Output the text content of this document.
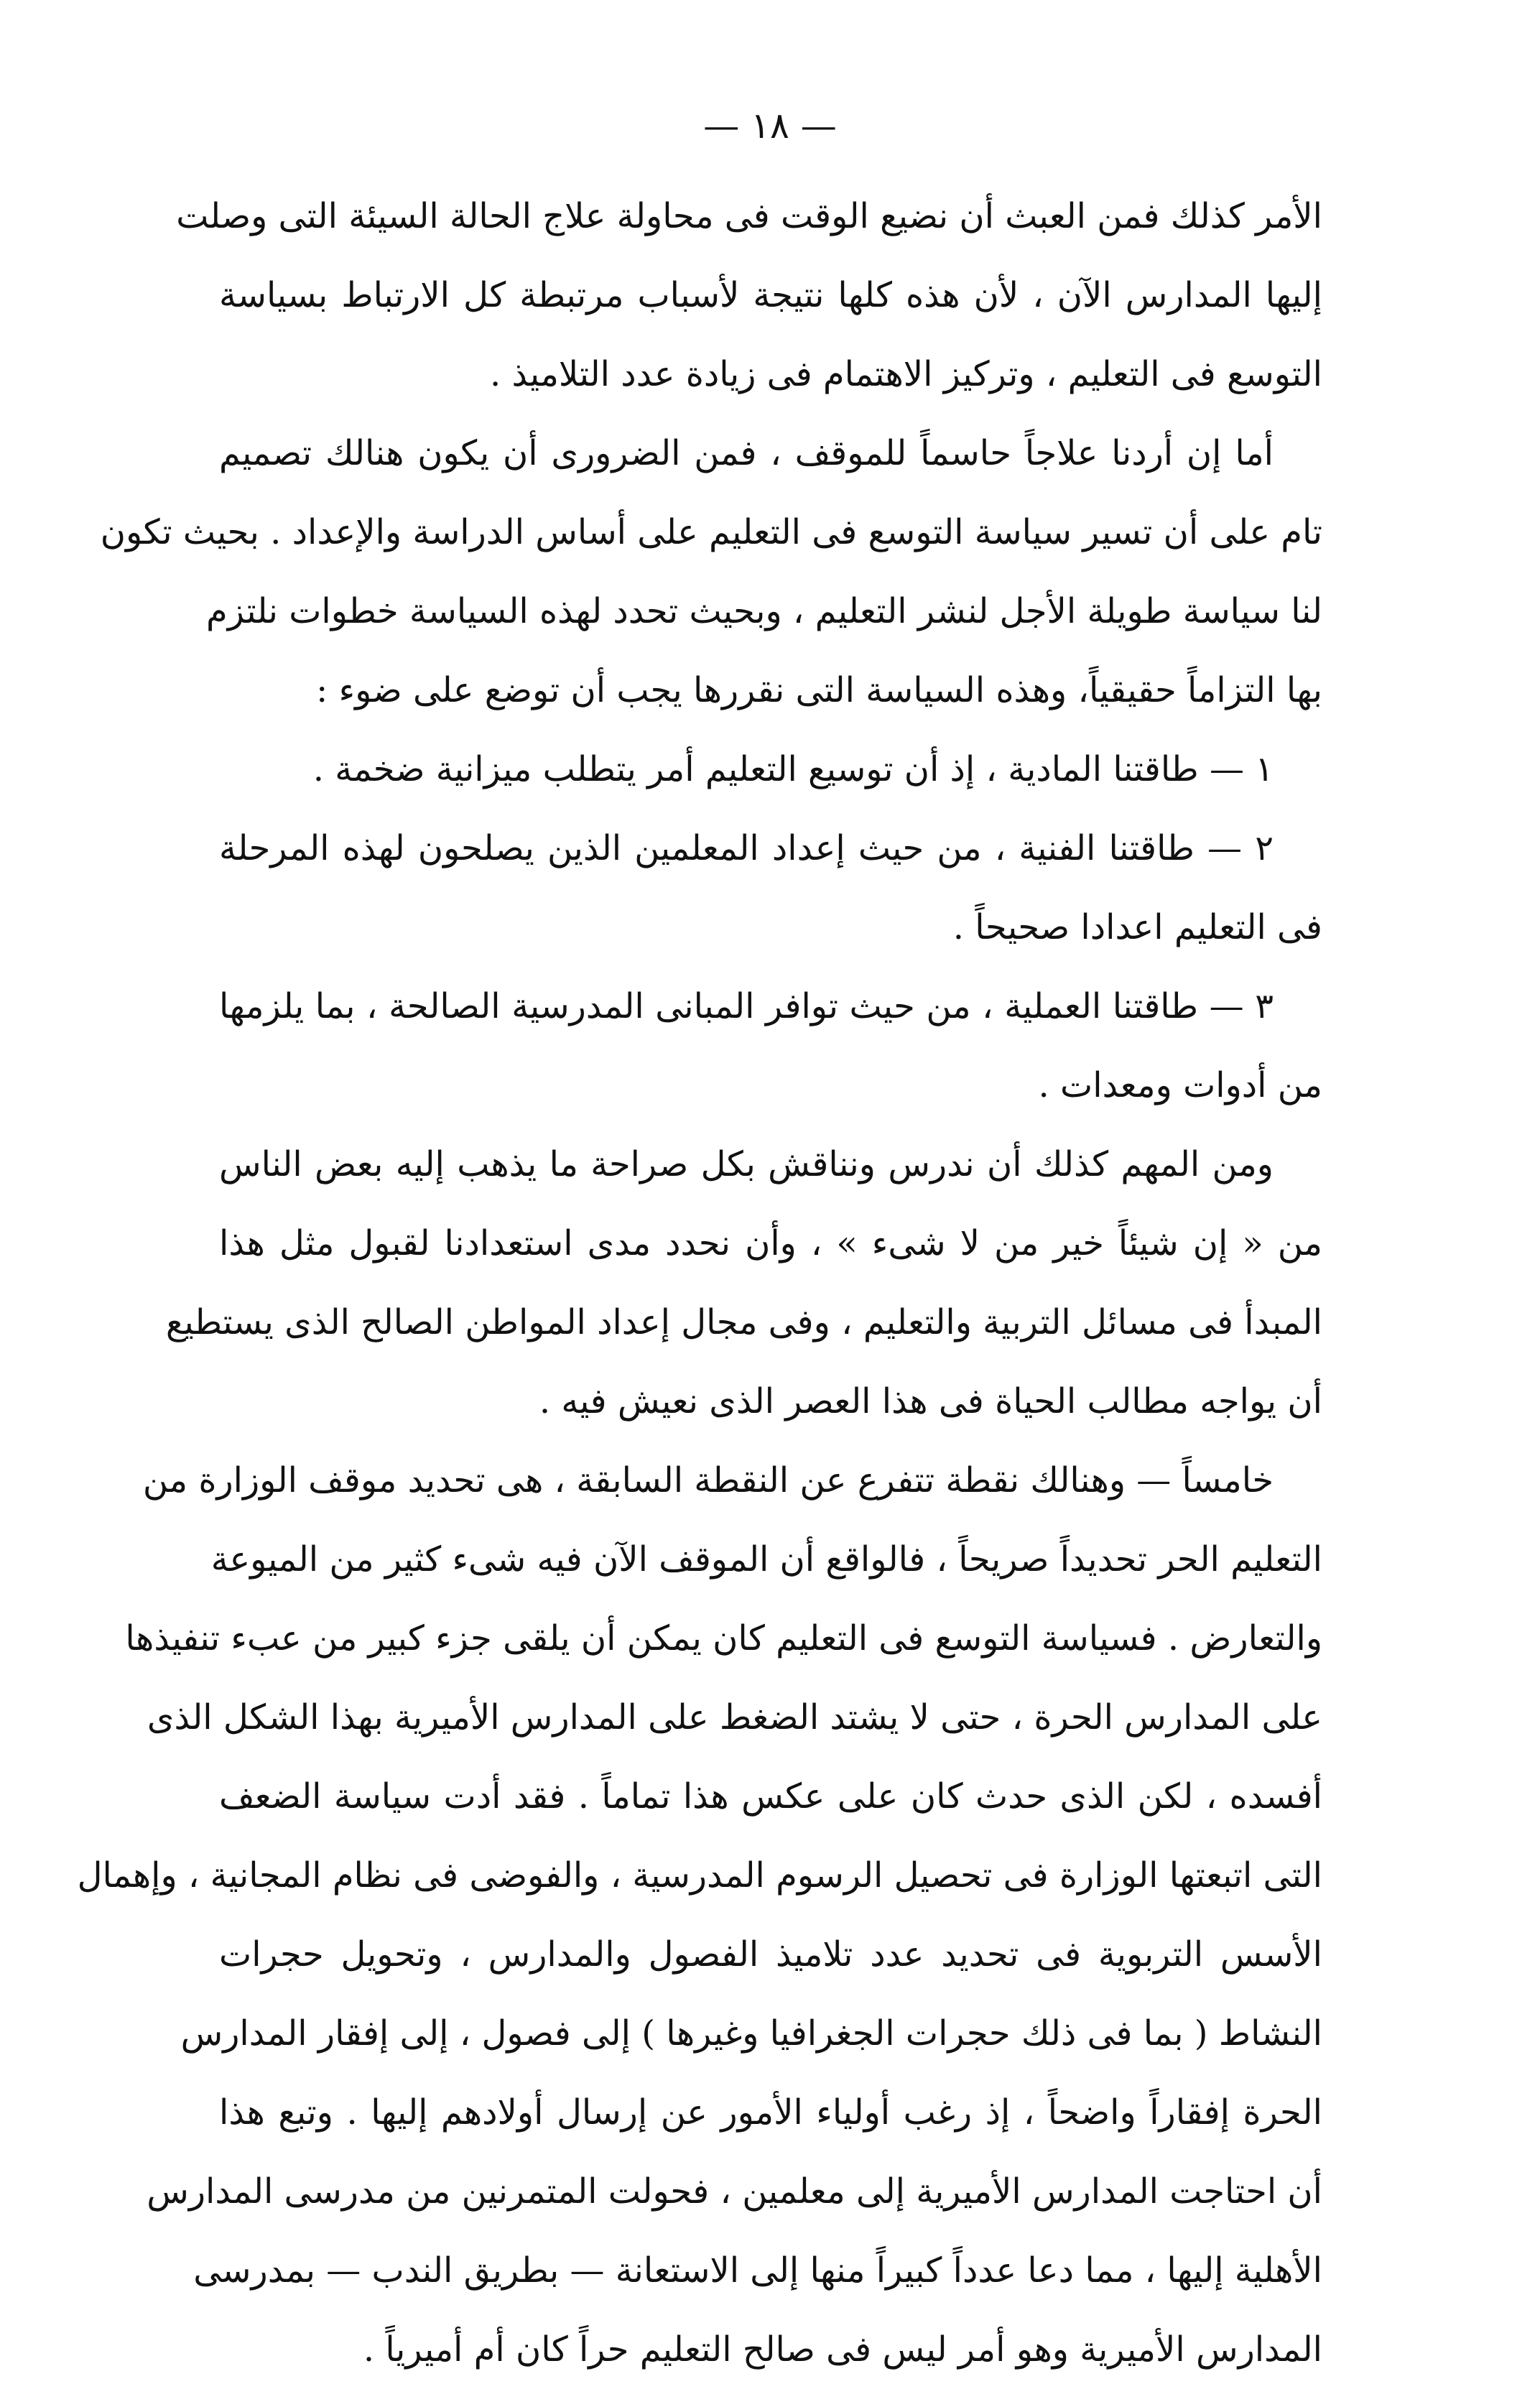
— ١٨ —
الأمر كذلك فمن العبث أن نضيع الوقت فى محاولة علاج الحالة السيئة التى وصلت
إليها المدارس الآن ، لأن هذه كلها نتيجة لأسباب مرتبطة كل الارتباط بسياسة
التوسع فى التعليم ، وتركيز الاهتمام فى زيادة عدد التلاميذ .
أما إن أردنا علاجاً حاسماً للموقف ، فمن الضرورى أن يكون هنالك تصميم
تام على أن تسير سياسة التوسع فى التعليم على أساس الدراسة والإعداد . بحيث تكون
لنا سياسة طويلة الأجل لنشر التعليم ، وبحيث تحدد لهذه السياسة خطوات نلتزم
بها التزاماً حقيقياً، وهذه السياسة التى نقررها يجب أن توضع على ضوء :
١ — طاقتنا المادية ، إذ أن توسيع التعليم أمر يتطلب ميزانية ضخمة .
٢ — طاقتنا الفنية ، من حيث إعداد المعلمين الذين يصلحون لهذه المرحلة
فى التعليم اعدادا صحيحاً .
٣ — طاقتنا العملية ، من حيث توافر المبانى المدرسية الصالحة ، بما يلزمها
من أدوات ومعدات .
ومن المهم كذلك أن ندرس ونناقش بكل صراحة ما يذهب إليه بعض الناس
من « إن شيئاً خير من لا شىء » ، وأن نحدد مدى استعدادنا لقبول مثل هذا
المبدأ فى مسائل التربية والتعليم ، وفى مجال إعداد المواطن الصالح الذى يستطيع
أن يواجه مطالب الحياة فى هذا العصر الذى نعيش فيه .
خامساً — وهنالك نقطة تتفرع عن النقطة السابقة ، هى تحديد موقف الوزارة من
التعليم الحر تحديداً صريحاً ، فالواقع أن الموقف الآن فيه شىء كثير من الميوعة
والتعارض . فسياسة التوسع فى التعليم كان يمكن أن يلقى جزء كبير من عبء تنفيذها
على المدارس الحرة ، حتى لا يشتد الضغط على المدارس الأميرية بهذا الشكل الذى
أفسده ، لكن الذى حدث كان على عكس هذا تماماً . فقد أدت سياسة الضعف
التى اتبعتها الوزارة فى تحصيل الرسوم المدرسية ، والفوضى فى نظام المجانية ، وإهمال
الأسس التربوية فى تحديد عدد تلاميذ الفصول والمدارس ، وتحويل حجرات
النشاط ( بما فى ذلك حجرات الجغرافيا وغيرها ) إلى فصول ، إلى إفقار المدارس
الحرة إفقاراً واضحاً ، إذ رغب أولياء الأمور عن إرسال أولادهم إليها . وتبع هذا
أن احتاجت المدارس الأميرية إلى معلمين ، فحولت المتمرنين من مدرسى المدارس
الأهلية إليها ، مما دعا عدداً كبيراً منها إلى الاستعانة — بطريق الندب — بمدرسى
المدارس الأميرية وهو أمر ليس فى صالح التعليم حراً كان أم أميرياً .
